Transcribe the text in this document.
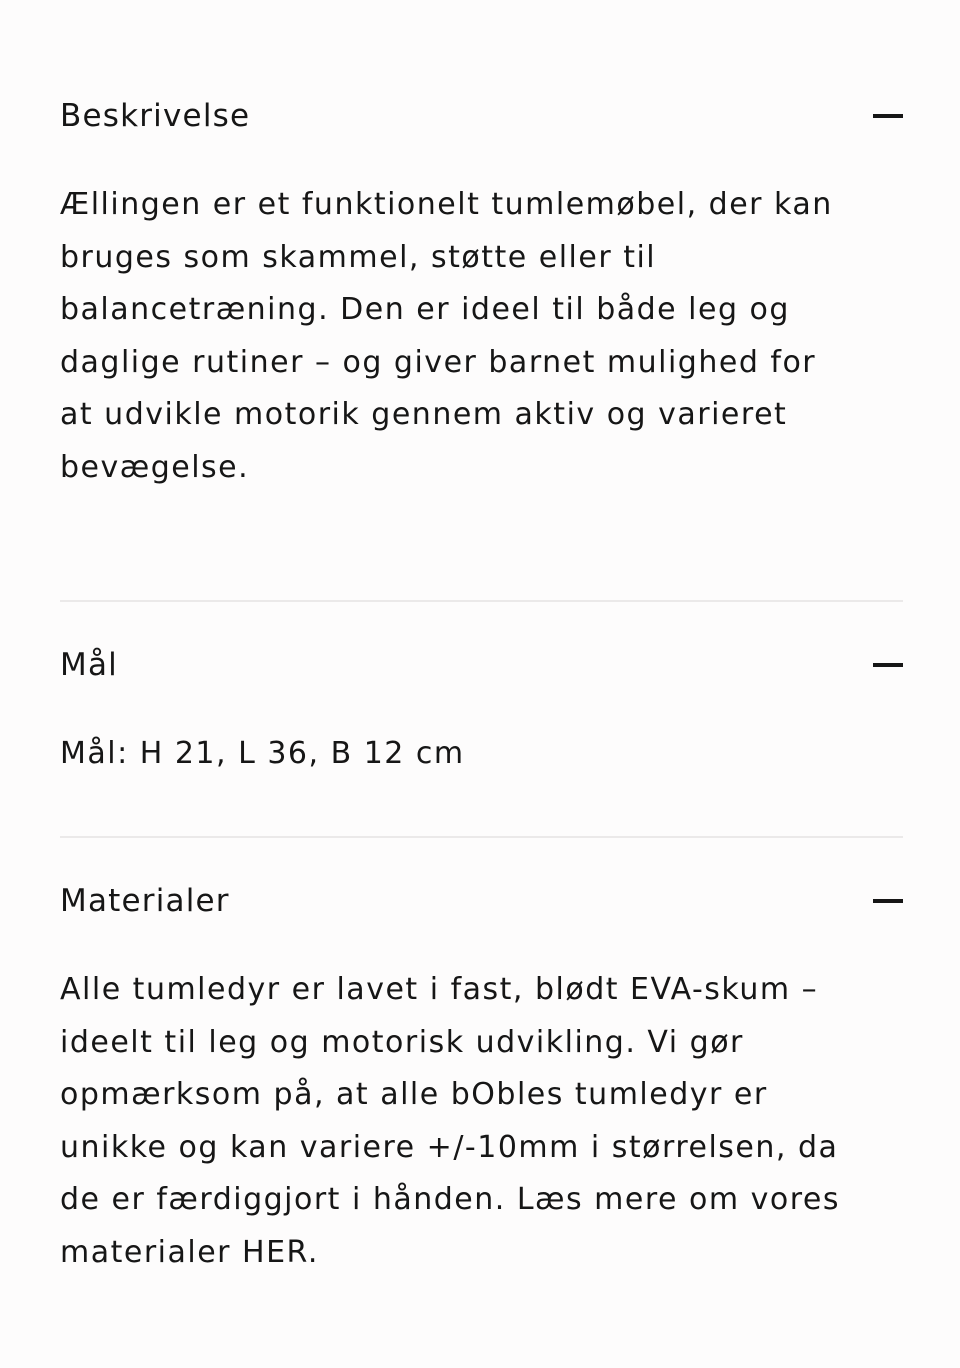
Beskrivelse
Ællingen er et funktionelt tumlemøbel, der kan
bruges som skammel, støtte eller til
balancetræning. Den er ideel til både leg og
daglige rutiner – og giver barnet mulighed for
at udvikle motorik gennem aktiv og varieret
bevægelse.
Mål
Mål: H 21, L 36, B 12 cm
Materialer
Alle tumledyr er lavet i fast, blødt EVA-skum –
ideelt til leg og motorisk udvikling. Vi gør
opmærksom på, at alle bObles tumledyr er
unikke og kan variere +/-10mm i størrelsen, da
de er færdiggjort i hånden. Læs mere om vores
materialer HER.
